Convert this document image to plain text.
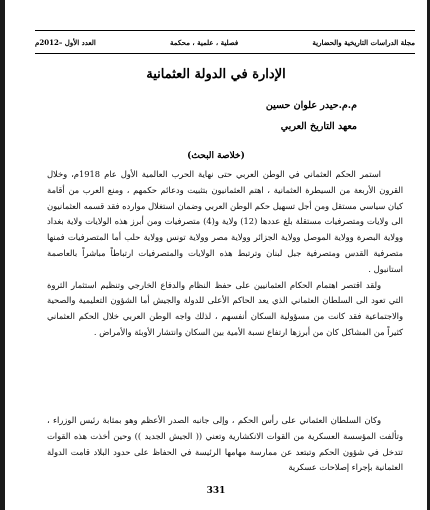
مجلة الدراسات التاريخية والحضارية
فصلية ، علمية ، محكمة
العدد الأول –2012م
الإدارة في الدولة العثمانية
م.م.حيدر علوان حسين
معهد التاريخ العربي
(خلاصة البحث)

استمر الحكم العثماني في الوطن العربي حتى نهاية الحرب العالمية الأول عام 1918م، وخلال القرون الأربعة من السيطرة العثمانية ، اهتم العثمانيون بتثبيت ودعائم حكمهم ، ومنع العرب من أقامة كيان سياسي مستقل ومن أجل تسهيل حكم الوطن العربي وضمان استغلال موارده فقد قسمه العثمانيون الى ولايات ومتصرفيات مستقلة بلغ عددها (12) ولاية و(4) متصرفيات ومن أبرز هذه الولايات ولاية بغداد وولاية البصرة وولاية الموصل وولاية الجزائر وولاية مصر وولاية تونس وولاية حلب أما المتصرفيات فمنها متصرفية القدس ومتصرفية جبل لبنان وترتبط هذه الولايات والمتصرفيات ارتباطاً مباشراً بالعاصمة استانبول .

ولقد اقتصر اهتمام الحكام العثمانيين على حفظ النظام والدفاع الخارجي وتنظيم استثمار الثروة التي تعود الى السلطان العثماني الذي يعد الحاكم الأعلى للدولة والجيش أما الشؤون التعليمية والصحية والاجتماعية فقد كانت من مسؤولية السكان أنفسهم ، لذلك واجه الوطن العربي خلال الحكم العثماني كثيراً من المشاكل كان من أبرزها ارتفاع نسبة الأمية بين السكان وانتشار الأوبئة والأمراض .

وكان السلطان العثماني على رأس الحكم ، وإلى جانبه الصدر الأعظم وهو بمثابة رئيس الوزراء ، وتألفت المؤسسة العسكرية من القوات الانكشارية وتعني (( الجيش الجديد )) وحين أخذت هذه القوات تتدخل في شؤون الحكم وتبتعد عن ممارسة مهامها الرئيسة في الحفاظ على حدود البلاد قامت الدولة العثمانية بإجراء إصلاحات عسكرية

331
